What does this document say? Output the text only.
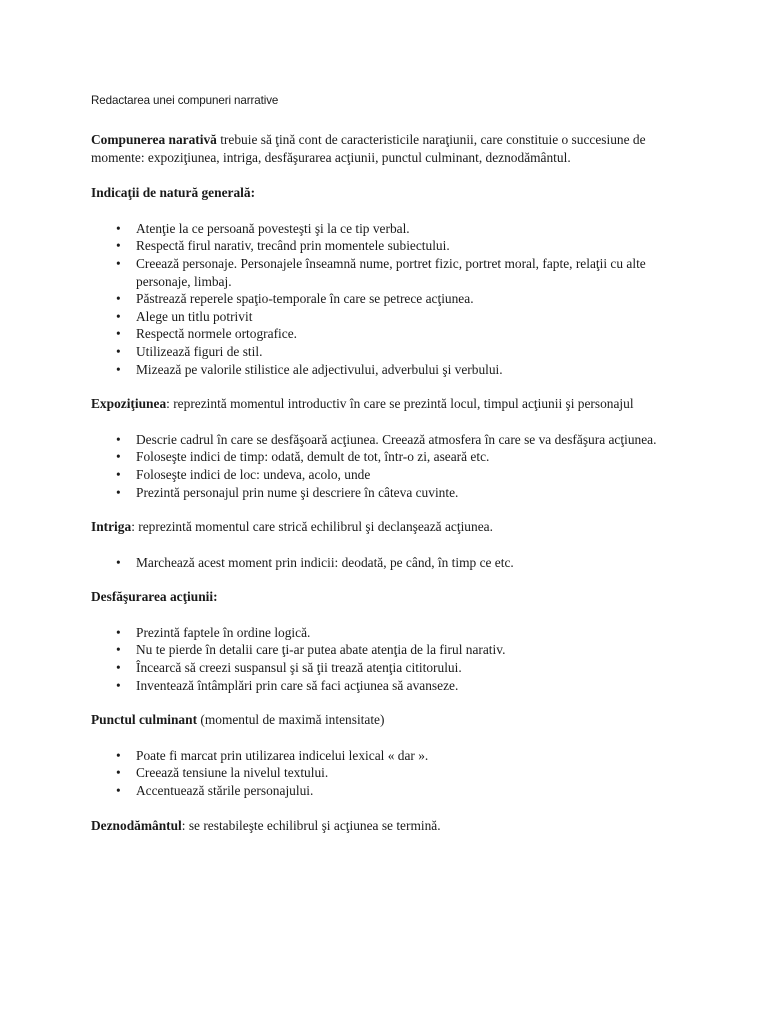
Redactarea unei compuneri narrative

Compunerea narativă trebuie să ţină cont de caracteristicile naraţiunii, care constituie o succesiune de momente: expoziţiunea, intriga, desfăşurarea acţiunii, punctul culminant, deznodământul.

Indicaţii de natură generală:

• Atenţie la ce persoană povesteşti şi la ce tip verbal.
• Respectă firul narativ, trecând prin momentele subiectului.
• Creează personaje. Personajele înseamnă nume, portret fizic, portret moral, fapte, relaţii cu alte personaje, limbaj.
• Păstrează reperele spaţio-temporale în care se petrece acţiunea.
• Alege un titlu potrivit
• Respectă normele ortografice.
• Utilizează figuri de stil.
• Mizează pe valorile stilistice ale adjectivului, adverbului şi verbului.

Expoziţiunea: reprezintă momentul introductiv în care se prezintă locul, timpul acţiunii şi personajul

• Descrie cadrul în care se desfăşoară acţiunea. Creează atmosfera în care se va desfăşura acţiunea.
• Foloseşte indici de timp: odată, demult de tot, într-o zi, aseară etc.
• Foloseşte indici de loc: undeva, acolo, unde
• Prezintă personajul prin nume şi descriere în câteva cuvinte.

Intriga: reprezintă momentul care strică echilibrul şi declanşează acţiunea.

• Marchează acest moment prin indicii: deodată, pe când, în timp ce etc.

Desfăşurarea acţiunii:

• Prezintă faptele în ordine logică.
• Nu te pierde în detalii care ţi-ar putea abate atenţia de la firul narativ.
• Încearcă să creezi suspansul şi să ţii trează atenţia cititorului.
• Inventează întâmplări prin care să faci acţiunea să avanseze.

Punctul culminant (momentul de maximă intensitate)

• Poate fi marcat prin utilizarea indicelui lexical « dar ».
• Creează tensiune la nivelul textului.
• Accentuează stările personajului.

Deznodământul: se restabileşte echilibrul şi acţiunea se termină.
